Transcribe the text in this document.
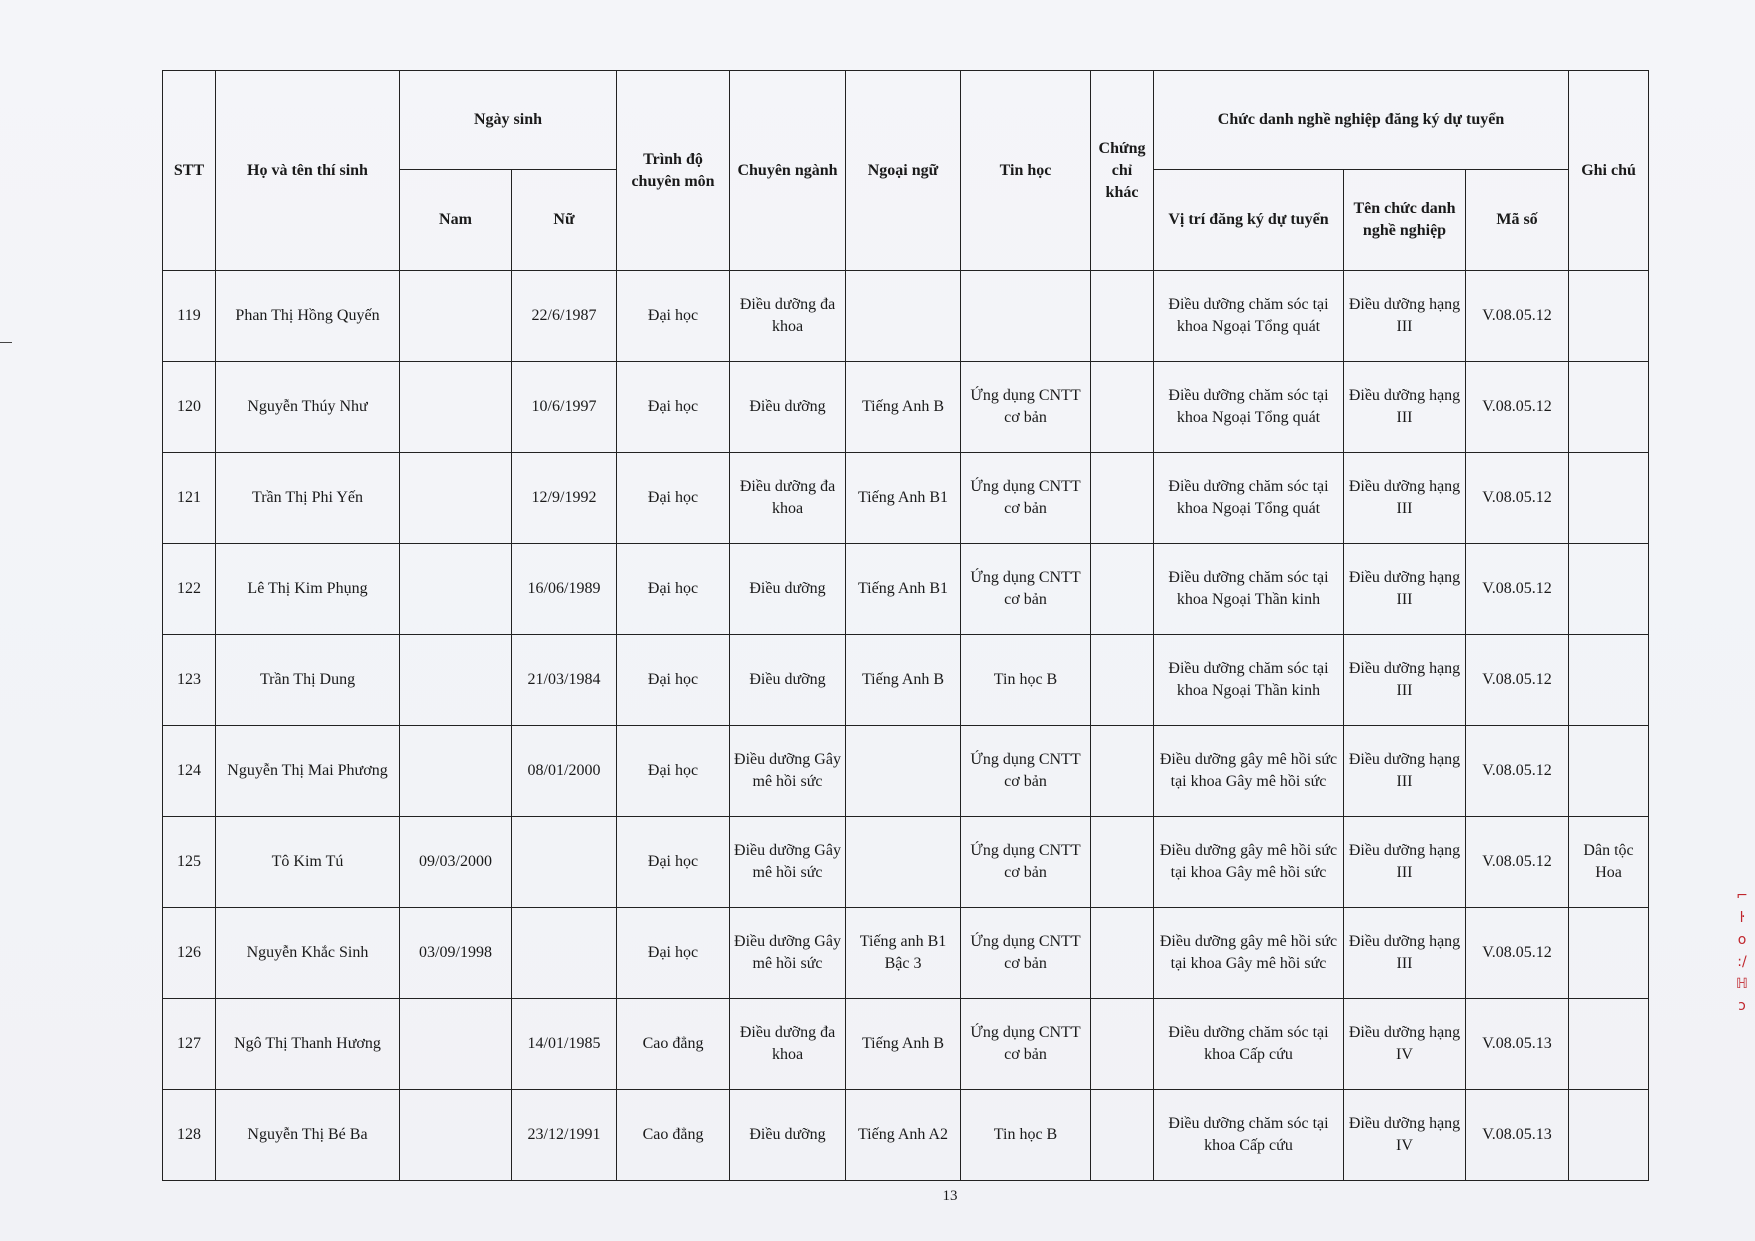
STT	Họ và tên thí sinh	Ngày sinh		Trình độ chuyên môn	Chuyên ngành	Ngoại ngữ	Tin học	Chứng chỉ khác	Chức danh nghề nghiệp đăng ký dự tuyển			Ghi chú
		Nam	Nữ						Vị trí đăng ký dự tuyển	Tên chức danh nghề nghiệp	Mã số	
119	Phan Thị Hồng Quyến		22/6/1987	Đại học	Điều dưỡng đa khoa				Điều dưỡng chăm sóc tại khoa Ngoại Tổng quát	Điều dưỡng hạng III	V.08.05.12	
120	Nguyễn Thúy Như		10/6/1997	Đại học	Điều dưỡng	Tiếng Anh B	Ứng dụng CNTT cơ bản		Điều dưỡng chăm sóc tại khoa Ngoại Tổng quát	Điều dưỡng hạng III	V.08.05.12	
121	Trần Thị Phi Yến		12/9/1992	Đại học	Điều dưỡng đa khoa	Tiếng Anh B1	Ứng dụng CNTT cơ bản		Điều dưỡng chăm sóc tại khoa Ngoại Tổng quát	Điều dưỡng hạng III	V.08.05.12	
122	Lê Thị Kim Phụng		16/06/1989	Đại học	Điều dưỡng	Tiếng Anh B1	Ứng dụng CNTT cơ bản		Điều dưỡng chăm sóc tại khoa Ngoại Thần kinh	Điều dưỡng hạng III	V.08.05.12	
123	Trần Thị Dung		21/03/1984	Đại học	Điều dưỡng	Tiếng Anh B	Tin học B		Điều dưỡng chăm sóc tại khoa Ngoại Thần kinh	Điều dưỡng hạng III	V.08.05.12	
124	Nguyễn Thị Mai Phương		08/01/2000	Đại học	Điều dưỡng Gây mê hồi sức		Ứng dụng CNTT cơ bản		Điều dưỡng gây mê hồi sức tại khoa Gây mê hồi sức	Điều dưỡng hạng III	V.08.05.12	
125	Tô Kim Tú	09/03/2000		Đại học	Điều dưỡng Gây mê hồi sức		Ứng dụng CNTT cơ bản		Điều dưỡng gây mê hồi sức tại khoa Gây mê hồi sức	Điều dưỡng hạng III	V.08.05.12	Dân tộc Hoa
126	Nguyễn Khắc Sinh	03/09/1998		Đại học	Điều dưỡng Gây mê hồi sức	Tiếng anh B1 Bậc 3	Ứng dụng CNTT cơ bản		Điều dưỡng gây mê hồi sức tại khoa Gây mê hồi sức	Điều dưỡng hạng III	V.08.05.12	
127	Ngô Thị Thanh Hương		14/01/1985	Cao đẳng	Điều dưỡng đa khoa	Tiếng Anh B	Ứng dụng CNTT cơ bản		Điều dưỡng chăm sóc tại khoa Cấp cứu	Điều dưỡng hạng IV	V.08.05.13	
128	Nguyễn Thị Bé Ba		23/12/1991	Cao đẳng	Điều dưỡng	Tiếng Anh A2	Tin học B		Điều dưỡng chăm sóc tại khoa Cấp cứu	Điều dưỡng hạng IV	V.08.05.13	
13
⌐
ŀ
o
:/
ℍ
ɔ
